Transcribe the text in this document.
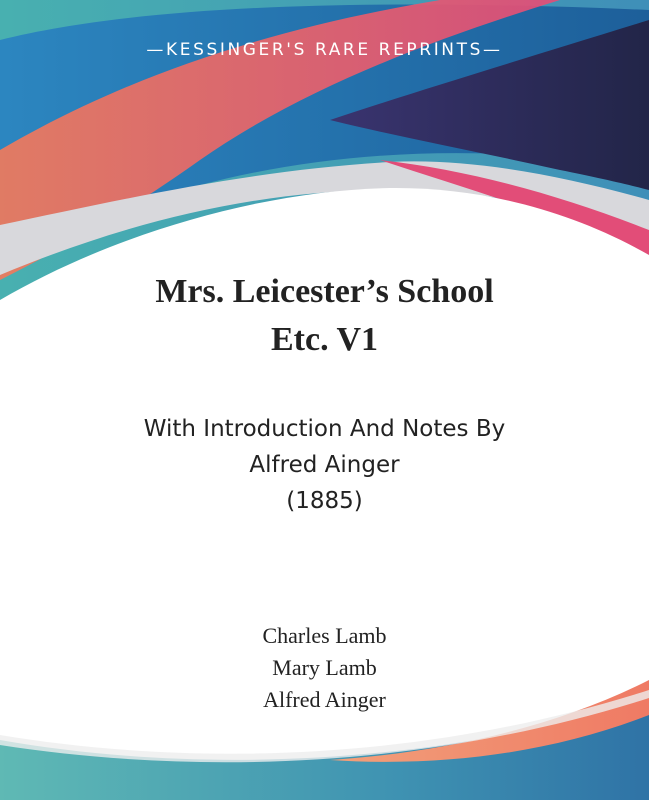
—KESSINGER'S RARE REPRINTS—
Mrs. Leicester’s School
Etc. V1
With Introduction And Notes By
Alfred Ainger
(1885)
Charles Lamb
Mary Lamb
Alfred Ainger
